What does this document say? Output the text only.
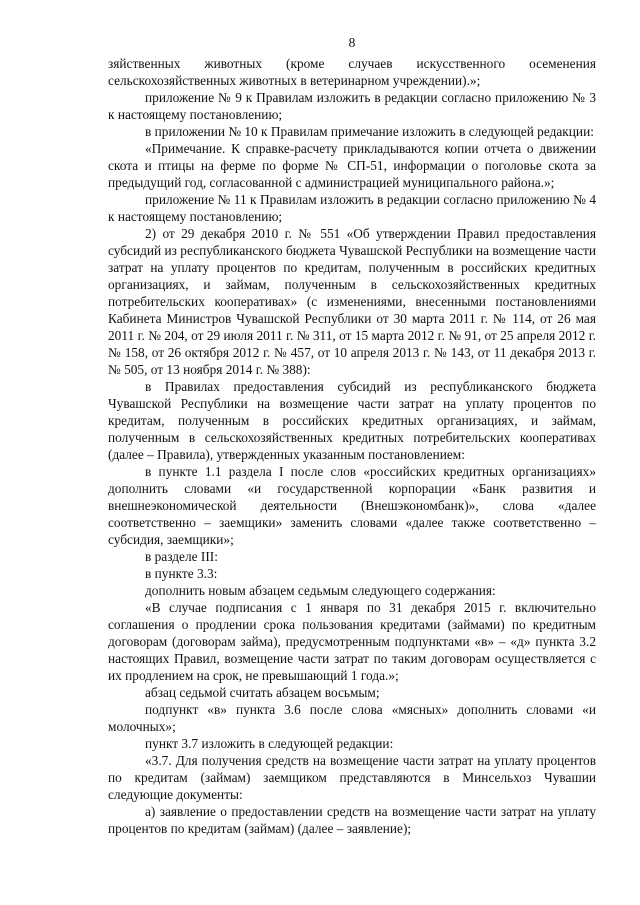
8

зяйственных животных (кроме случаев искусственного осеменения сельскохозяйственных животных в ветеринарном учреждении).»;

приложение № 9 к Правилам изложить в редакции согласно приложению № 3 к настоящему постановлению;

в приложении № 10 к Правилам примечание изложить в следующей редакции:

«Примечание. К справке-расчету прикладываются копии отчета о движении скота и птицы на ферме по форме № СП-51, информации о поголовье скота за предыдущий год, согласованной с администрацией муниципального района.»;

приложение № 11 к Правилам изложить в редакции согласно приложению № 4 к настоящему постановлению;

2) от 29 декабря 2010 г. № 551 «Об утверждении Правил предоставления субсидий из республиканского бюджета Чувашской Республики на возмещение части затрат на уплату процентов по кредитам, полученным в российских кредитных организациях, и займам, полученным в сельскохозяйственных кредитных потребительских кооперативах» (с изменениями, внесенными постановлениями Кабинета Министров Чувашской Республики от 30 марта 2011 г. № 114, от 26 мая 2011 г. № 204, от 29 июля 2011 г. № 311, от 15 марта 2012 г. № 91, от 25 апреля 2012 г. № 158, от 26 октября 2012 г. № 457, от 10 апреля 2013 г. № 143, от 11 декабря 2013 г. № 505, от 13 ноября 2014 г. № 388):

в Правилах предоставления субсидий из республиканского бюджета Чувашской Республики на возмещение части затрат на уплату процентов по кредитам, полученным в российских кредитных организациях, и займам, полученным в сельскохозяйственных кредитных потребительских кооперативах (далее – Правила), утвержденных указанным постановлением:

в пункте 1.1 раздела I после слов «российских кредитных организациях» дополнить словами «и государственной корпорации «Банк развития и внешнеэкономической деятельности (Внешэкономбанк)», слова «далее соответственно – заемщики» заменить словами «далее также соответственно – субсидия, заемщики»;

в разделе III:

в пункте 3.3:

дополнить новым абзацем седьмым следующего содержания:

«В случае подписания с 1 января по 31 декабря 2015 г. включительно соглашения о продлении срока пользования кредитами (займами) по кредитным договорам (договорам займа), предусмотренным подпунктами «в» – «д» пункта 3.2 настоящих Правил, возмещение части затрат по таким договорам осуществляется с их продлением на срок, не превышающий 1 года.»;

абзац седьмой считать абзацем восьмым;

подпункт «в» пункта 3.6 после слова «мясных» дополнить словами «и молочных»;

пункт 3.7 изложить в следующей редакции:

«3.7. Для получения средств на возмещение части затрат на уплату процентов по кредитам (займам) заемщиком представляются в Минсельхоз Чувашии следующие документы:

а) заявление о предоставлении средств на возмещение части затрат на уплату процентов по кредитам (займам) (далее – заявление);
